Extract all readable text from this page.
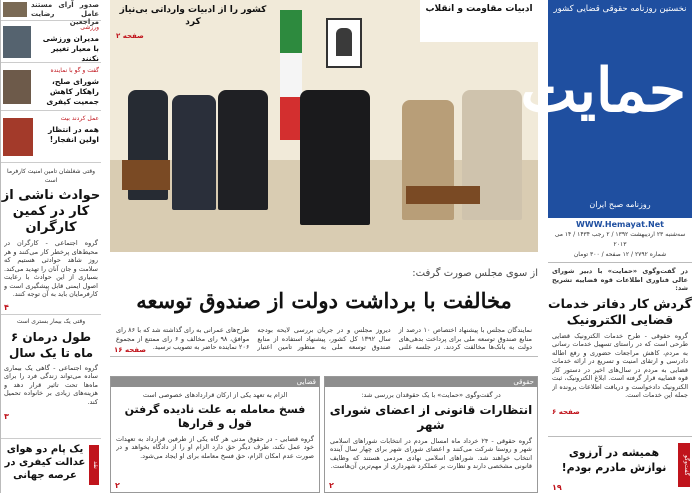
صدور آرای مستند عامل رضایت مراجعین
ورزشی
مدیران ورزشی با معیار تغییر نکنند
گفت و گو با نماینده
شورای صلح، راهکار کاهش جمعیت کیفری
عمل کردند بیت
همه در انتظار اولین انفجار!
وقتی شغلشان تامین امنیت کارفرما است
حوادث ناشی از کار در کمین کارگران
گروه اجتماعی - کارگران در محیط‌های پرخطر کار می‌کنند و هر روز شاهد حوادثی هستیم که سلامت و جان آنان را تهدید می‌کند. بسیاری از این حوادث با رعایت اصول ایمنی قابل پیشگیری است و کارفرمایان باید به آن توجه کنند.
۴
وقتی یک بیمار بستری است
طول درمان ۶ ماه تا یک سال
گروه اجتماعی - گاهی یک بیماری ساده می‌تواند زندگی فرد را برای ماه‌ها تحت تاثیر قرار دهد و هزینه‌های زیادی بر خانواده تحمیل کند.
۳
نقد
یک پام دو هوای عدالت کیفری در عرصه جهانی
ادبیات مقاومت و انقلاب
کشور را از ادبیات وارداتی بی‌نیاز کرد
صفحه ۲
از سوی مجلس صورت گرفت:
مخالفت با برداشت دولت از صندوق توسعه
نمایندگان مجلس با پیشنهاد اختصاص ۱۰ درصد از منابع صندوق توسعه ملی برای پرداخت بدهی‌های دولت به بانک‌ها مخالفت کردند. در جلسه علنی دیروز مجلس و در جریان بررسی لایحه بودجه سال ۱۳۹۲ کل کشور، پیشنهاد استفاده از منابع صندوق توسعه ملی به منظور تامین اعتبار طرح‌های عمرانی به رای گذاشته شد که با ۸۶ رای موافق، ۹۸ رای مخالف و ۶ رای ممتنع از مجموع ۲۰۶ نماینده حاضر به تصویب نرسید.
صفحه ۱۶
حقوقی
در گفت‌وگوی «حمایت» با یک حقوقدان بررسی شد:
انتظارات قانونی از اعضای شورای شهر
گروه حقوقی - ۲۴ خرداد ماه امسال مردم در انتخابات شوراهای اسلامی شهر و روستا شرکت می‌کنند و اعضای شورای شهر برای چهار سال آینده انتخاب خواهند شد. شوراهای اسلامی نهادی مردمی هستند که وظایف قانونی مشخصی دارند و نظارت بر عملکرد شهرداری از مهم‌ترین آن‌هاست.
۲
قضایی
الزام به تعهد یکی از ارکان قراردادهای خصوصی است
فسخ معامله به علت نادیده گرفتن قول و قرارها
گروه قضایی - در حقوق مدنی هر گاه یکی از طرفین قرارداد به تعهدات خود عمل نکند، طرف دیگر حق دارد الزام او را از دادگاه بخواهد و در صورت عدم امکان الزام، حق فسخ معامله برای او ایجاد می‌شود.
۲
نخستین روزنامه حقوقی قضایی کشور
حمایت
روزنامه صبح ایران
WWW.Hemayat.Net
سه‌شنبه ۲۳ اردیبهشت ۱۳۹۲ / ۲ رجب ۱۴۳۴ / ۱۴ می ۲۰۱۳
شماره ۲۷۹۲ / ۱۲ صفحه / ۳۰۰ تومان
در گفت‌وگوی «حمایت» با دبیر شورای عالی فناوری اطلاعات قوه قضاییه تشریح شد:
گردش کار دفاتر خدمات قضایی الکترونیک
گروه حقوقی - طرح خدمات الکترونیک قضایی طرحی است که در راستای تسهیل خدمات رسانی به مردم، کاهش مراجعات حضوری و رفع اطاله دادرسی و ارتقای امنیت و تسریع در ارائه خدمات قضایی به مردم در سال‌های اخیر در دستور کار قوه قضاییه قرار گرفته است. ابلاغ الکترونیک، ثبت الکترونیک دادخواست و دریافت اطلاعات پرونده از جمله این خدمات است.
صفحه ۶
گفت‌وگو
همیشه در آرزوی نوازش مادرم بودم!
۱۹
